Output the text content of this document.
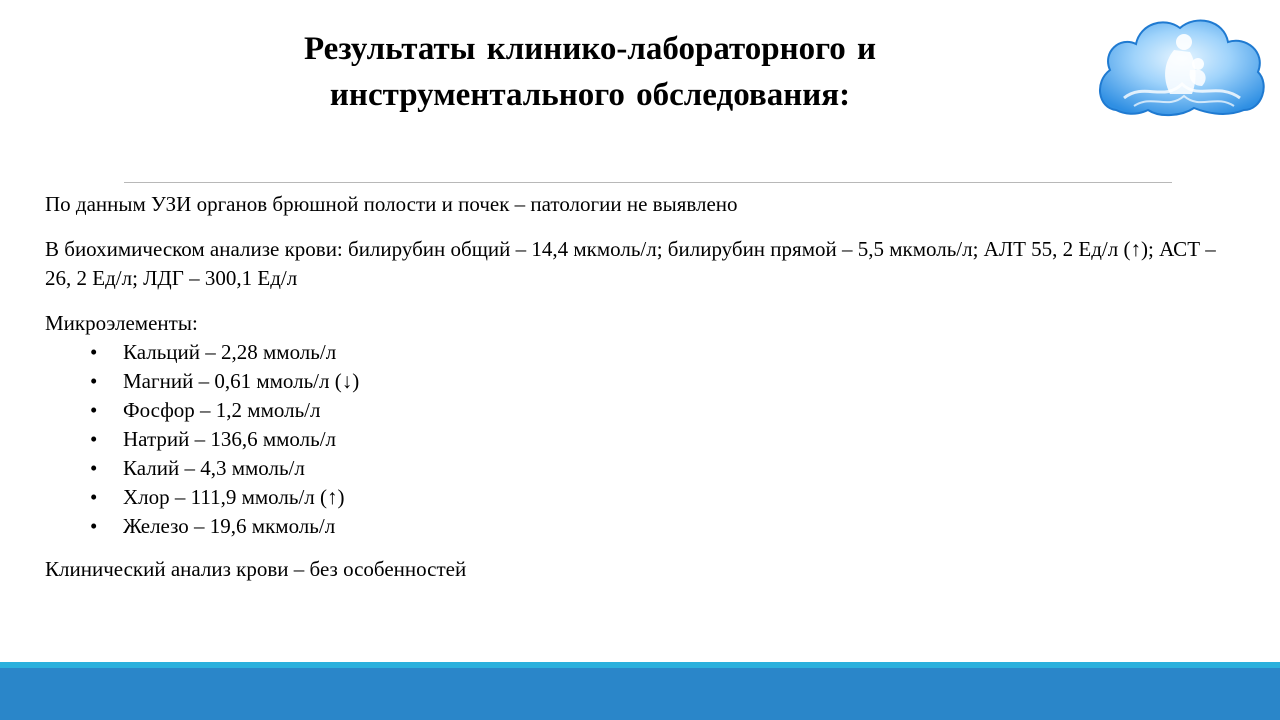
Результаты клинико-лабораторного и
инструментального обследования:

По данным УЗИ органов брюшной полости и почек – патологии не выявлено

В биохимическом анализе крови: билирубин общий – 14,4 мкмоль/л; билирубин прямой – 5,5 мкмоль/л; АЛТ 55, 2 Ед/л (↑); АСТ – 26, 2 Ед/л; ЛДГ – 300,1 Ед/л

Микроэлементы:

•	Кальций – 2,28 ммоль/л
•	Магний – 0,61 ммоль/л (↓)
•	Фосфор – 1,2 ммоль/л
•	Натрий – 136,6 ммоль/л
•	Калий – 4,3 ммоль/л
•	Хлор – 111,9 ммоль/л (↑)
•	Железо – 19,6 мкмоль/л

Клинический анализ крови – без особенностей
